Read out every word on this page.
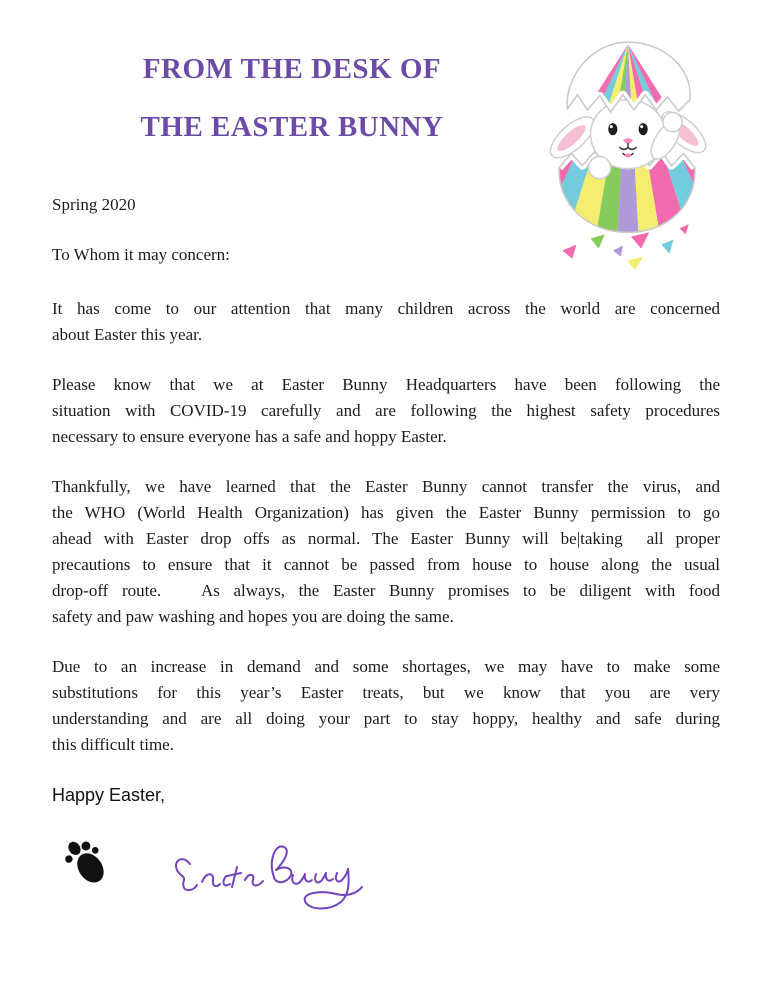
FROM THE DESK OF
THE EASTER BUNNY
Spring 2020
To Whom it may concern:
It has come to our attention that many children across the world are concerned
about Easter this year.
Please know that we at Easter Bunny Headquarters have been following the
situation with COVID-19 carefully and are following the highest safety procedures
necessary to ensure everyone has a safe and hoppy Easter.
Thankfully, we have learned that the Easter Bunny cannot transfer the virus, and
the WHO (World Health Organization) has given the Easter Bunny permission to go
ahead with Easter drop offs as normal. The Easter Bunny will be|taking  all proper
precautions to ensure that it cannot be passed from house to house along the usual
drop-off route.   As always, the Easter Bunny promises to be diligent with food
safety and paw washing and hopes you are doing the same.
Due to an increase in demand and some shortages, we may have to make some
substitutions for this year’s Easter treats, but we know that you are very
understanding and are all doing your part to stay hoppy, healthy and safe during
this difficult time.
Happy Easter,
